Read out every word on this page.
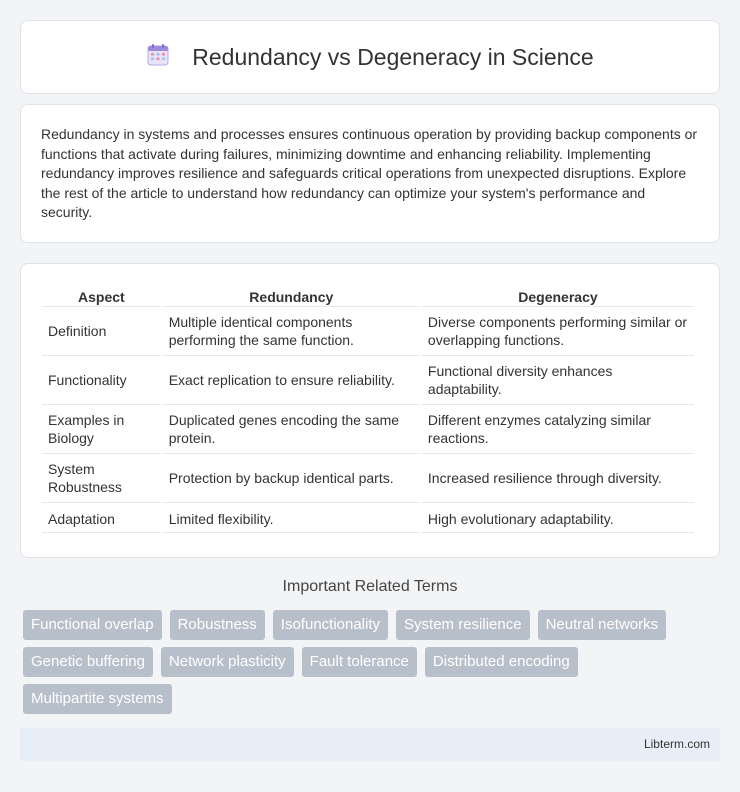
Redundancy vs Degeneracy in Science

Redundancy in systems and processes ensures continuous operation by providing backup components or functions that activate during failures, minimizing downtime and enhancing reliability. Implementing redundancy improves resilience and safeguards critical operations from unexpected disruptions. Explore the rest of the article to understand how redundancy can optimize your system's performance and security.

Aspect	Redundancy	Degeneracy
Definition	Multiple identical components performing the same function.	Diverse components performing similar or overlapping functions.
Functionality	Exact replication to ensure reliability.	Functional diversity enhances adaptability.
Examples in Biology	Duplicated genes encoding the same protein.	Different enzymes catalyzing similar reactions.
System Robustness	Protection by backup identical parts.	Increased resilience through diversity.
Adaptation	Limited flexibility.	High evolutionary adaptability.
Important Related Terms
Functional overlap	Robustness	Isofunctionality	System resilience	Neutral networks
Genetic buffering	Network plasticity	Fault tolerance	Distributed encoding
Multipartite systems
Libterm.com
